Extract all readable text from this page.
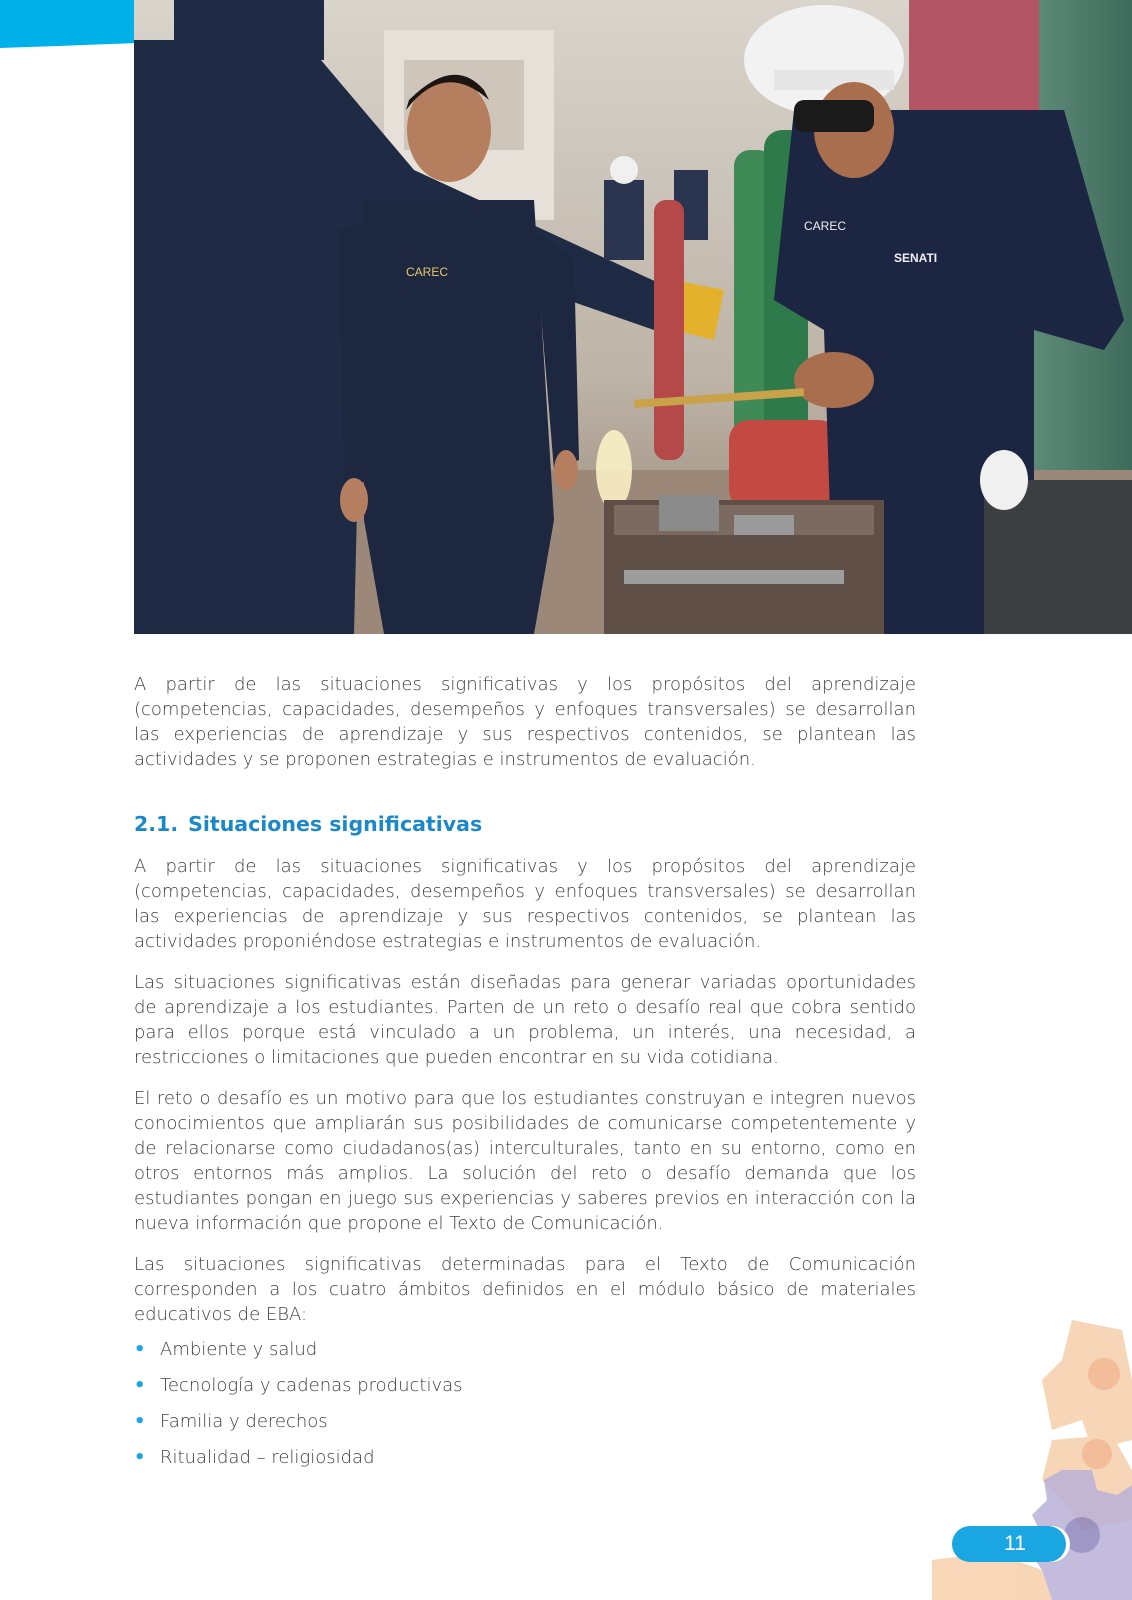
CAREC
CAREC
SENATI

A partir de las situaciones significativas y los propósitos del aprendizaje (competencias, capacidades, desempeños y enfoques transversales) se desarrollan las experiencias de aprendizaje y sus respectivos contenidos, se plantean las actividades y se proponen estrategias e instrumentos de evaluación.

2.1. Situaciones significativas

A partir de las situaciones significativas y los propósitos del aprendizaje (competencias, capacidades, desempeños y enfoques transversales) se desarrollan las experiencias de aprendizaje y sus respectivos contenidos, se plantean las actividades proponiéndose estrategias e instrumentos de evaluación.

Las situaciones significativas están diseñadas para generar variadas oportunidades de aprendizaje a los estudiantes. Parten de un reto o desafío real que cobra sentido para ellos porque está vinculado a un problema, un interés, una necesidad, a restricciones o limitaciones que pueden encontrar en su vida cotidiana.

El reto o desafío es un motivo para que los estudiantes construyan e integren nuevos conocimientos que ampliarán sus posibilidades de comunicarse competentemente y de relacionarse como ciudadanos(as) interculturales, tanto en su entorno, como en otros entornos más amplios. La solución del reto o desafío demanda que los estudiantes pongan en juego sus experiencias y saberes previos en interacción con la nueva información que propone el Texto de Comunicación.

Las situaciones significativas determinadas para el Texto de Comunicación corresponden a los cuatro ámbitos definidos en el módulo básico de materiales educativos de EBA:

• Ambiente y salud
• Tecnología y cadenas productivas
• Familia y derechos
• Ritualidad – religiosidad
11
